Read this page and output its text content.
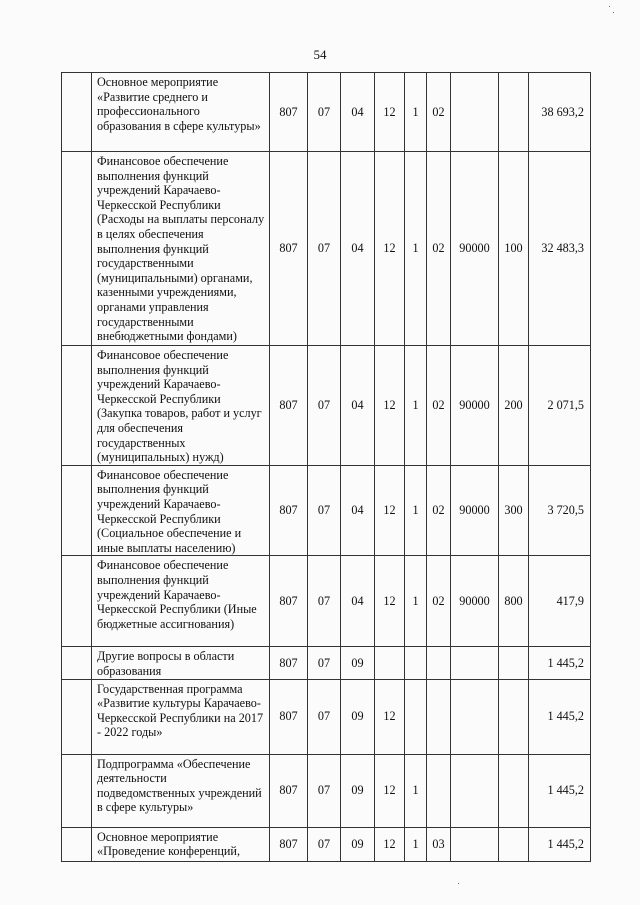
54
	Основное мероприятие «Развитие среднего и профессионального образования в сфере культуры»	807	07	04	12	1	02			38 693,2
	Финансовое обеспечение выполнения функций учреждений Карачаево-Черкесской Республики (Расходы на выплаты персоналу в целях обеспечения выполнения функций государственными (муниципальными) органами, казенными учреждениями, органами управления государственными внебюджетными фондами)	807	07	04	12	1	02	90000	100	32 483,3
	Финансовое обеспечение выполнения функций учреждений Карачаево-Черкесской Республики (Закупка товаров, работ и услуг для обеспечения государственных (муниципальных) нужд)	807	07	04	12	1	02	90000	200	2 071,5
	Финансовое обеспечение выполнения функций учреждений Карачаево-Черкесской Республики (Социальное обеспечение и иные выплаты населению)	807	07	04	12	1	02	90000	300	3 720,5
	Финансовое обеспечение выполнения функций учреждений Карачаево-Черкесской Республики (Иные бюджетные ассигнования)	807	07	04	12	1	02	90000	800	417,9
	Другие вопросы в области образования	807	07	09						1 445,2
	Государственная программа «Развитие культуры Карачаево-Черкесской Республики на 2017 - 2022 годы»	807	07	09	12					1 445,2
	Подпрограмма «Обеспечение деятельности подведомственных учреждений в сфере культуры»	807	07	09	12	1				1 445,2
	Основное мероприятие «Проведение конференций,	807	07	09	12	1	03			1 445,2
